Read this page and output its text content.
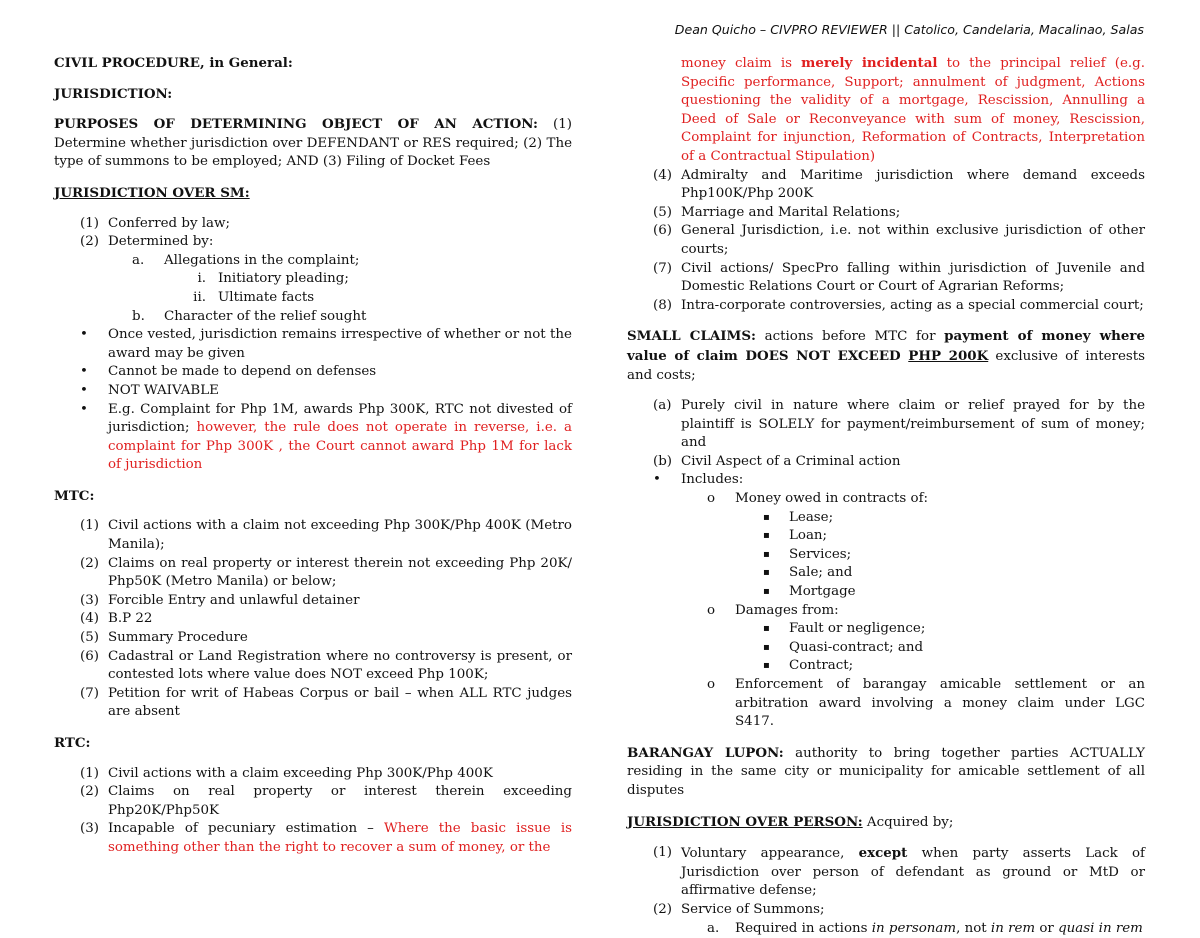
Dean Quicho – CIVPRO REVIEWER || Catolico, Candelaria, Macalinao, Salas

CIVIL PROCEDURE, in General:

JURISDICTION:

PURPOSES OF DETERMINING OBJECT OF AN ACTION: (1) Determine whether jurisdiction over DEFENDANT or RES required; (2) The type of summons to be employed; AND (3) Filing of Docket Fees

JURISDICTION OVER SM:

(1) Conferred by law;
(2) Determined by:
a. Allegations in the complaint;
i. Initiatory pleading;
ii. Ultimate facts
b. Character of the relief sought
• Once vested, jurisdiction remains irrespective of whether or not the award may be given
• Cannot be made to depend on defenses
• NOT WAIVABLE
• E.g. Complaint for Php 1M, awards Php 300K, RTC not divested of jurisdiction; however, the rule does not operate in reverse, i.e. a complaint for Php 300K , the Court cannot award Php 1M for lack of jurisdiction

MTC:

(1) Civil actions with a claim not exceeding Php 300K/Php 400K (Metro Manila);
(2) Claims on real property or interest therein not exceeding Php 20K/ Php50K (Metro Manila) or below;
(3) Forcible Entry and unlawful detainer
(4) B.P 22
(5) Summary Procedure
(6) Cadastral or Land Registration where no controversy is present, or contested lots where value does NOT exceed Php 100K;
(7) Petition for writ of Habeas Corpus or bail – when ALL RTC judges are absent

RTC:

(1) Civil actions with a claim exceeding Php 300K/Php 400K
(2) Claims on real property or interest therein exceeding Php20K/Php50K
(3) Incapable of pecuniary estimation – Where the basic issue is something other than the right to recover a sum of money, or the
money claim is merely incidental to the principal relief (e.g. Specific performance, Support; annulment of judgment, Actions questioning the validity of a mortgage, Rescission, Annulling a Deed of Sale or Reconveyance with sum of money, Rescission, Complaint for injunction, Reformation of Contracts, Interpretation of a Contractual Stipulation)
(4) Admiralty and Maritime jurisdiction where demand exceeds Php100K/Php 200K
(5) Marriage and Marital Relations;
(6) General Jurisdiction, i.e. not within exclusive jurisdiction of other courts;
(7) Civil actions/ SpecPro falling within jurisdiction of Juvenile and Domestic Relations Court or Court of Agrarian Reforms;
(8) Intra-corporate controversies, acting as a special commercial court;

SMALL CLAIMS: actions before MTC for payment of money where value of claim DOES NOT EXCEED PHP 200K exclusive of interests and costs;

(a) Purely civil in nature where claim or relief prayed for by the plaintiff is SOLELY for payment/reimbursement of sum of money; and
(b) Civil Aspect of a Criminal action
• Includes:
o Money owed in contracts of:
▪ Lease;
▪ Loan;
▪ Services;
▪ Sale; and
▪ Mortgage
o Damages from:
▪ Fault or negligence;
▪ Quasi-contract; and
▪ Contract;
o Enforcement of barangay amicable settlement or an arbitration award involving a money claim under LGC S417.

BARANGAY LUPON: authority to bring together parties ACTUALLY residing in the same city or municipality for amicable settlement of all disputes

JURISDICTION OVER PERSON: Acquired by;

(1) Voluntary appearance, except when party asserts Lack of Jurisdiction over person of defendant as ground or MtD or affirmative defense;
(2) Service of Summons;
a. Required in actions in personam, not in rem or quasi in rem
